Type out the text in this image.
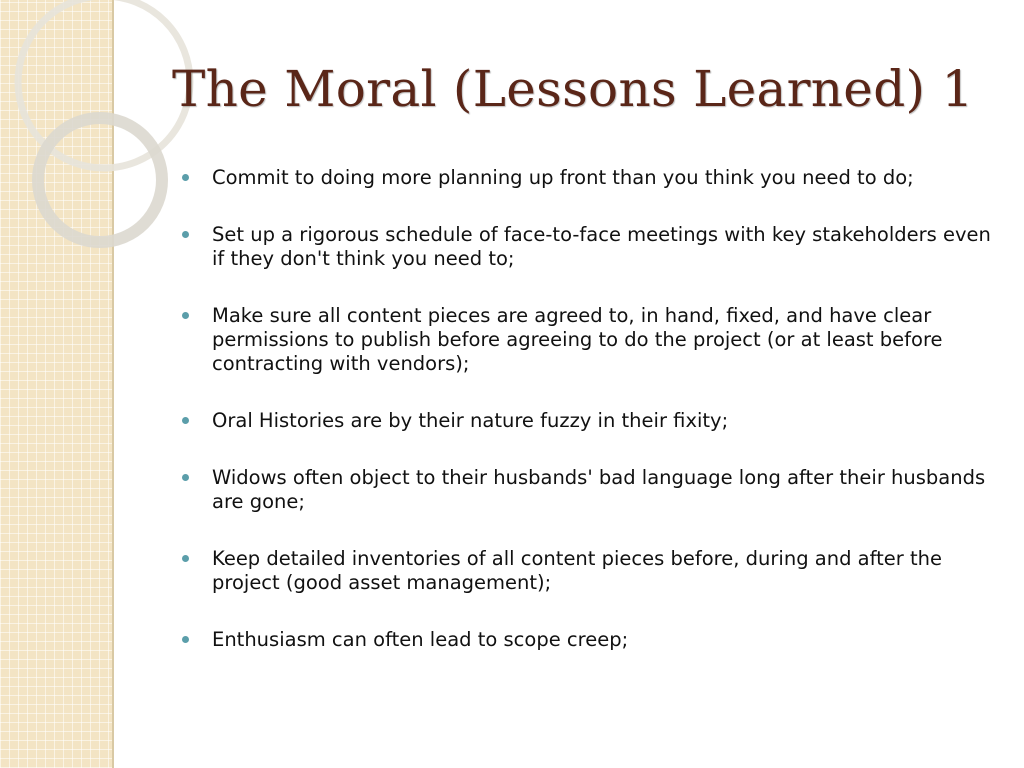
The Moral (Lessons Learned) 1
Commit to doing more planning up front than you think you need to do;
Set up a rigorous schedule of face-to-face meetings with key stakeholders even if they don't think you need to;
Make sure all content pieces are agreed to, in hand, fixed, and have clear permissions to publish before agreeing to do the project (or at least before contracting with vendors);
Oral Histories are by their nature fuzzy in their fixity;
Widows often object to their husbands' bad language long after their husbands are gone;
Keep detailed inventories of all content pieces before, during and after the project (good asset management);
Enthusiasm can often lead to scope creep;
